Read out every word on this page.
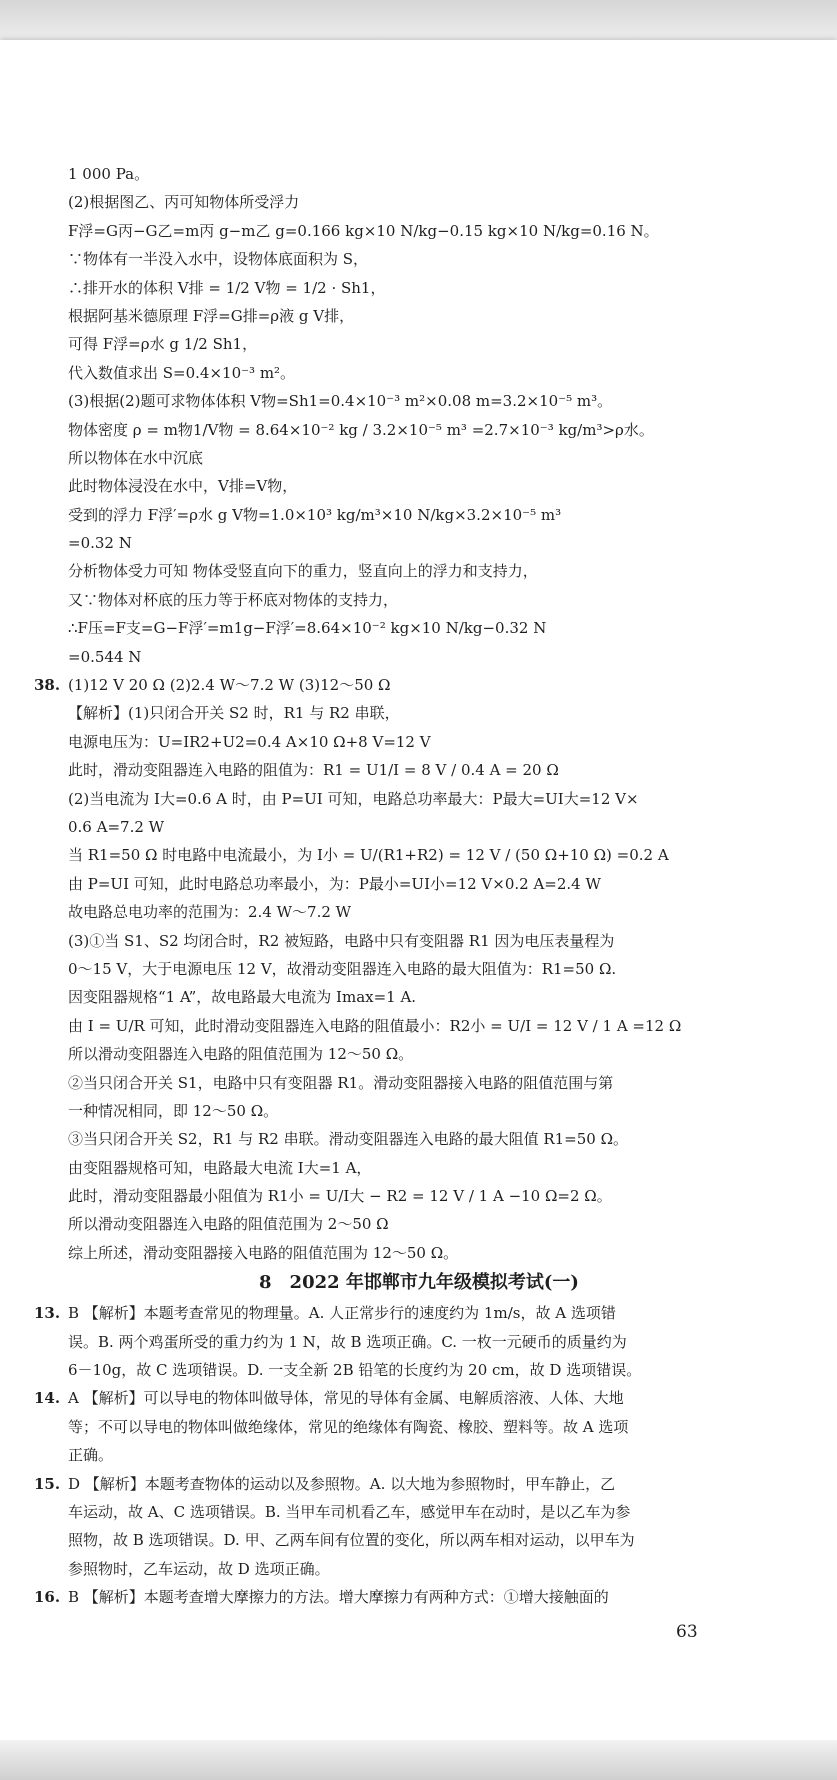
1 000 Pa。
(2)根据图乙、丙可知物体所受浮力
F浮=G丙−G乙=m丙 g−m乙 g=0.166 kg×10 N/kg−0.15 kg×10 N/kg=0.16 N。
∵物体有一半没入水中，设物体底面积为 S，
∴排开水的体积 V排 = 1/2 V物 = 1/2 · Sh1，
根据阿基米德原理 F浮=G排=ρ液 g V排，
可得 F浮=ρ水 g 1/2 Sh1，
代入数值求出 S=0.4×10⁻³ m²。
(3)根据(2)题可求物体体积 V物=Sh1=0.4×10⁻³ m²×0.08 m=3.2×10⁻⁵ m³。
物体密度 ρ = m物1/V物 = 8.64×10⁻² kg / 3.2×10⁻⁵ m³ =2.7×10⁻³ kg/m³>ρ水。
所以物体在水中沉底
此时物体浸没在水中，V排=V物，
受到的浮力 F浮′=ρ水 g V物=1.0×10³ kg/m³×10 N/kg×3.2×10⁻⁵ m³
=0.32 N
分析物体受力可知 物体受竖直向下的重力，竖直向上的浮力和支持力，
又∵物体对杯底的压力等于杯底对物体的支持力，
∴F压=F支=G−F浮′=m1g−F浮′=8.64×10⁻² kg×10 N/kg−0.32 N
=0.544 N
38. (1)12 V 20 Ω (2)2.4 W～7.2 W (3)12～50 Ω
【解析】(1)只闭合开关 S2 时，R1 与 R2 串联，
电源电压为：U=IR2+U2=0.4 A×10 Ω+8 V=12 V
此时，滑动变阻器连入电路的阻值为：R1 = U1/I = 8 V / 0.4 A = 20 Ω
(2)当电流为 I大=0.6 A 时，由 P=UI 可知，电路总功率最大：P最大=UI大=12 V×
0.6 A=7.2 W
当 R1=50 Ω 时电路中电流最小，为 I小 = U/(R1+R2) = 12 V / (50 Ω+10 Ω) =0.2 A
由 P=UI 可知，此时电路总功率最小，为：P最小=UI小=12 V×0.2 A=2.4 W
故电路总电功率的范围为：2.4 W～7.2 W
(3)①当 S1、S2 均闭合时，R2 被短路，电路中只有变阻器 R1 因为电压表量程为
0～15 V，大于电源电压 12 V，故滑动变阻器连入电路的最大阻值为：R1=50 Ω.
因变阻器规格“1 A”，故电路最大电流为 Imax=1 A.
由 I = U/R 可知，此时滑动变阻器连入电路的阻值最小：R2小 = U/I = 12 V / 1 A =12 Ω
所以滑动变阻器连入电路的阻值范围为 12～50 Ω。
②当只闭合开关 S1，电路中只有变阻器 R1。滑动变阻器接入电路的阻值范围与第
一种情况相同，即 12～50 Ω。
③当只闭合开关 S2，R1 与 R2 串联。滑动变阻器连入电路的最大阻值 R1=50 Ω。
由变阻器规格可知，电路最大电流 I大=1 A，
此时，滑动变阻器最小阻值为 R1小 = U/I大 − R2 = 12 V / 1 A −10 Ω=2 Ω。
所以滑动变阻器连入电路的阻值范围为 2～50 Ω
综上所述，滑动变阻器接入电路的阻值范围为 12～50 Ω。
8　2022 年邯郸市九年级模拟考试(一)
13. B 【解析】本题考查常见的物理量。A. 人正常步行的速度约为 1m/s，故 A 选项错
误。B. 两个鸡蛋所受的重力约为 1 N，故 B 选项正确。C. 一枚一元硬币的质量约为
6－10g，故 C 选项错误。D. 一支全新 2B 铅笔的长度约为 20 cm，故 D 选项错误。
14. A 【解析】可以导电的物体叫做导体，常见的导体有金属、电解质溶液、人体、大地
等；不可以导电的物体叫做绝缘体，常见的绝缘体有陶瓷、橡胶、塑料等。故 A 选项
正确。
15. D 【解析】本题考查物体的运动以及参照物。A. 以大地为参照物时，甲车静止，乙
车运动，故 A、C 选项错误。B. 当甲车司机看乙车，感觉甲车在动时，是以乙车为参
照物，故 B 选项错误。D. 甲、乙两车间有位置的变化，所以两车相对运动，以甲车为
参照物时，乙车运动，故 D 选项正确。
16. B 【解析】本题考查增大摩擦力的方法。增大摩擦力有两种方式：①增大接触面的
63
